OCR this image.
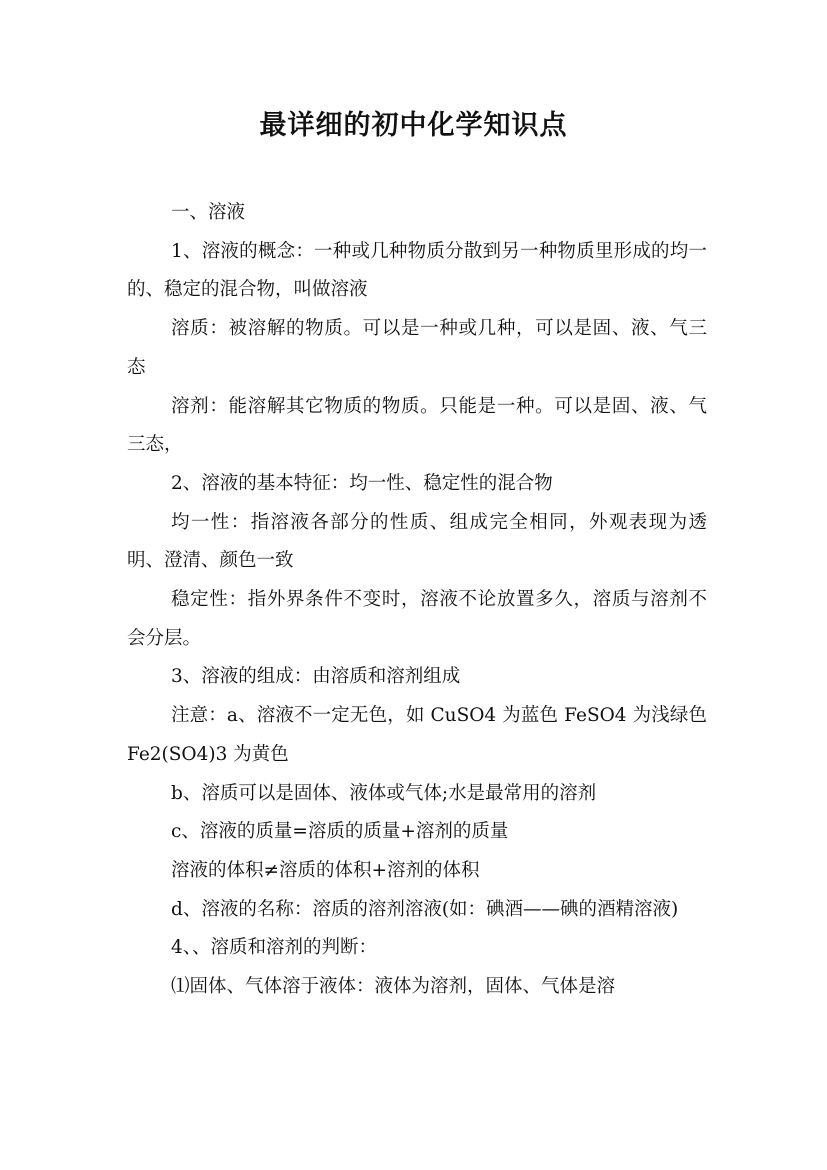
最详细的初中化学知识点

一、溶液

1、溶液的概念：一种或几种物质分散到另一种物质里形成的均一的、稳定的混合物，叫做溶液

溶质：被溶解的物质。可以是一种或几种，可以是固、液、气三态

溶剂：能溶解其它物质的物质。只能是一种。可以是固、液、气三态，

2、溶液的基本特征：均一性、稳定性的混合物

均一性：指溶液各部分的性质、组成完全相同，外观表现为透明、澄清、颜色一致

稳定性：指外界条件不变时，溶液不论放置多久，溶质与溶剂不会分层。

3、溶液的组成：由溶质和溶剂组成

注意：a、溶液不一定无色，如 CuSO4 为蓝色 FeSO4 为浅绿色 Fe2(SO4)3 为黄色

b、溶质可以是固体、液体或气体;水是最常用的溶剂

c、溶液的质量=溶质的质量+溶剂的质量

溶液的体积≠溶质的体积+溶剂的体积

d、溶液的名称：溶质的溶剂溶液(如：碘酒——碘的酒精溶液)

4、、溶质和溶剂的判断：

⑴固体、气体溶于液体：液体为溶剂，固体、气体是溶
